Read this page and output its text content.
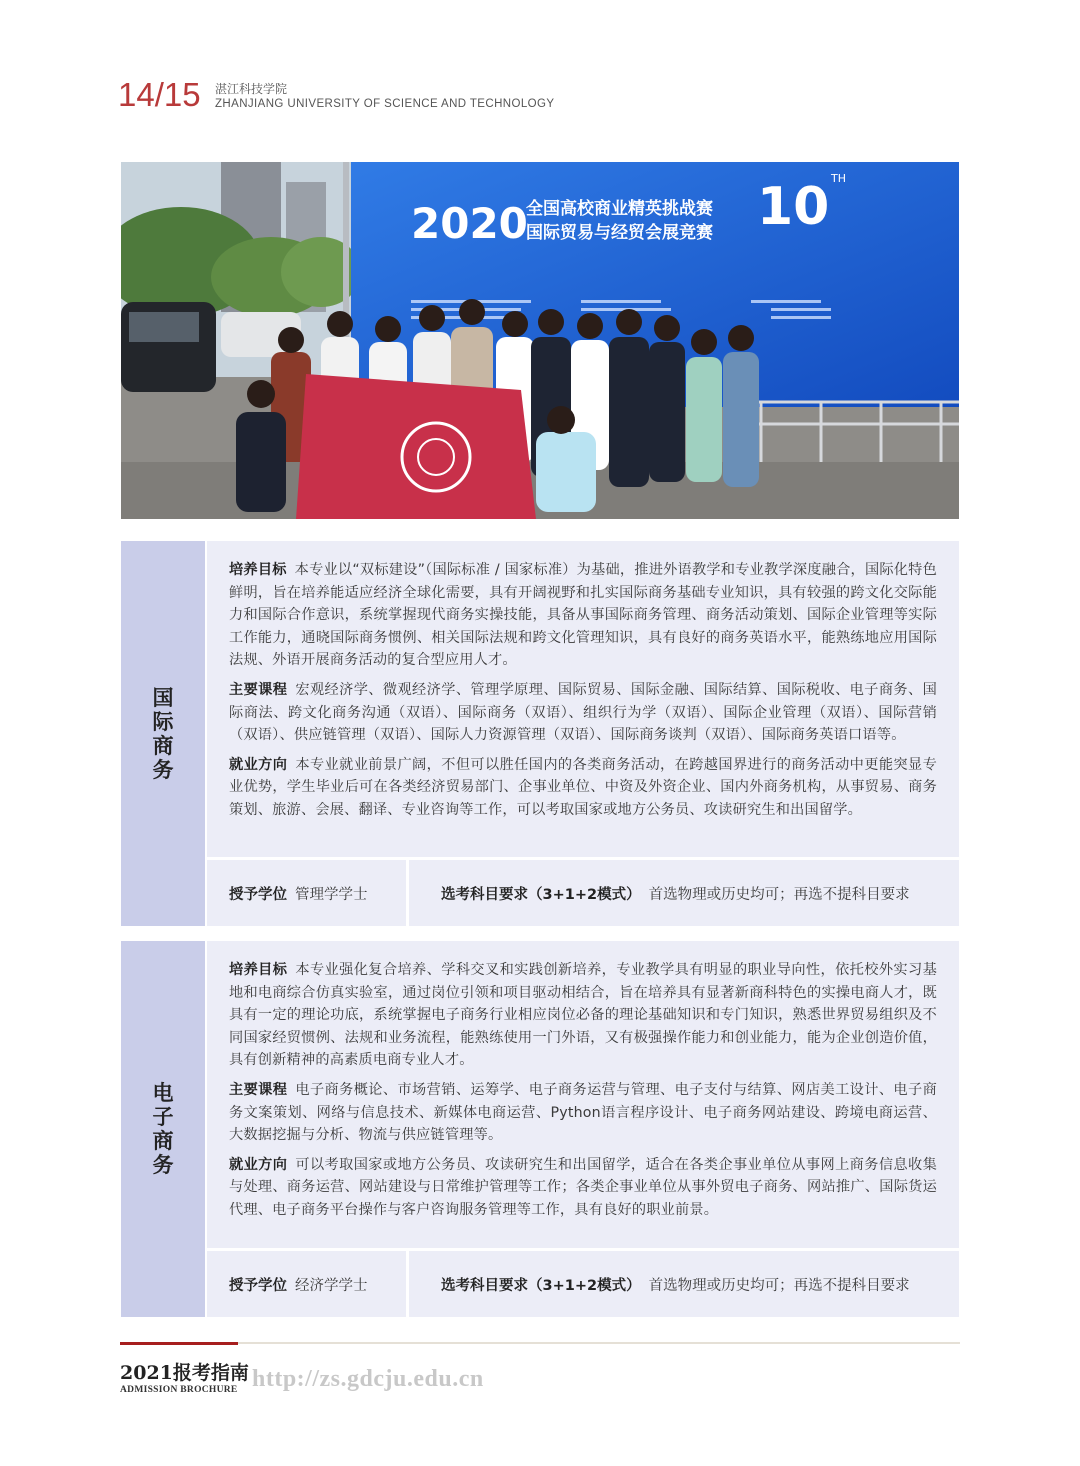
14/15 湛江科技学院
ZHANJIANG UNIVERSITY OF SCIENCE AND TECHNOLOGY
2020
全国高校商业精英挑战赛
国际贸易与经贸会展竞赛 10 TH
国
际
商
务

培养目标 本专业以“双标建设”（国际标准 / 国家标准）为基础，推进外语教学和专业教学深度融合，国际化特色鲜明，旨在培养能适应经济全球化需要，具有开阔视野和扎实国际商务基础专业知识，具有较强的跨文化交际能力和国际合作意识，系统掌握现代商务实操技能，具备从事国际商务管理、商务活动策划、国际企业管理等实际工作能力，通晓国际商务惯例、相关国际法规和跨文化管理知识，具有良好的商务英语水平，能熟练地应用国际法规、外语开展商务活动的复合型应用人才。

主要课程 宏观经济学、微观经济学、管理学原理、国际贸易、国际金融、国际结算、国际税收、电子商务、国际商法、跨文化商务沟通（双语）、国际商务（双语）、组织行为学（双语）、国际企业管理（双语）、国际营销（双语）、供应链管理（双语）、国际人力资源管理（双语）、国际商务谈判（双语）、国际商务英语口语等。

就业方向 本专业就业前景广阔，不但可以胜任国内的各类商务活动，在跨越国界进行的商务活动中更能突显专业优势，学生毕业后可在各类经济贸易部门、企事业单位、中资及外资企业、国内外商务机构，从事贸易、商务策划、旅游、会展、翻译、专业咨询等工作，可以考取国家或地方公务员、攻读研究生和出国留学。

授予学位 管理学学士	选考科目要求（3+1+2模式） 首选物理或历史均可；再选不提科目要求
电
子
商
务

培养目标 本专业强化复合培养、学科交叉和实践创新培养，专业教学具有明显的职业导向性，依托校外实习基地和电商综合仿真实验室，通过岗位引领和项目驱动相结合，旨在培养具有显著新商科特色的实操电商人才，既具有一定的理论功底，系统掌握电子商务行业相应岗位必备的理论基础知识和专门知识，熟悉世界贸易组织及不同国家经贸惯例、法规和业务流程，能熟练使用一门外语，又有极强操作能力和创业能力，能为企业创造价值，具有创新精神的高素质电商专业人才。

主要课程 电子商务概论、市场营销、运筹学、电子商务运营与管理、电子支付与结算、网店美工设计、电子商务文案策划、网络与信息技术、新媒体电商运营、Python语言程序设计、电子商务网站建设、跨境电商运营、大数据挖掘与分析、物流与供应链管理等。

就业方向 可以考取国家或地方公务员、攻读研究生和出国留学，适合在各类企事业单位从事网上商务信息收集与处理、商务运营、网站建设与日常维护管理等工作；各类企事业单位从事外贸电子商务、网站推广、国际货运代理、电子商务平台操作与客户咨询服务管理等工作，具有良好的职业前景。

授予学位 经济学学士	选考科目要求（3+1+2模式） 首选物理或历史均可；再选不提科目要求
2021报考指南
ADMISSION BROCHURE http://zs.gdcju.edu.cn
